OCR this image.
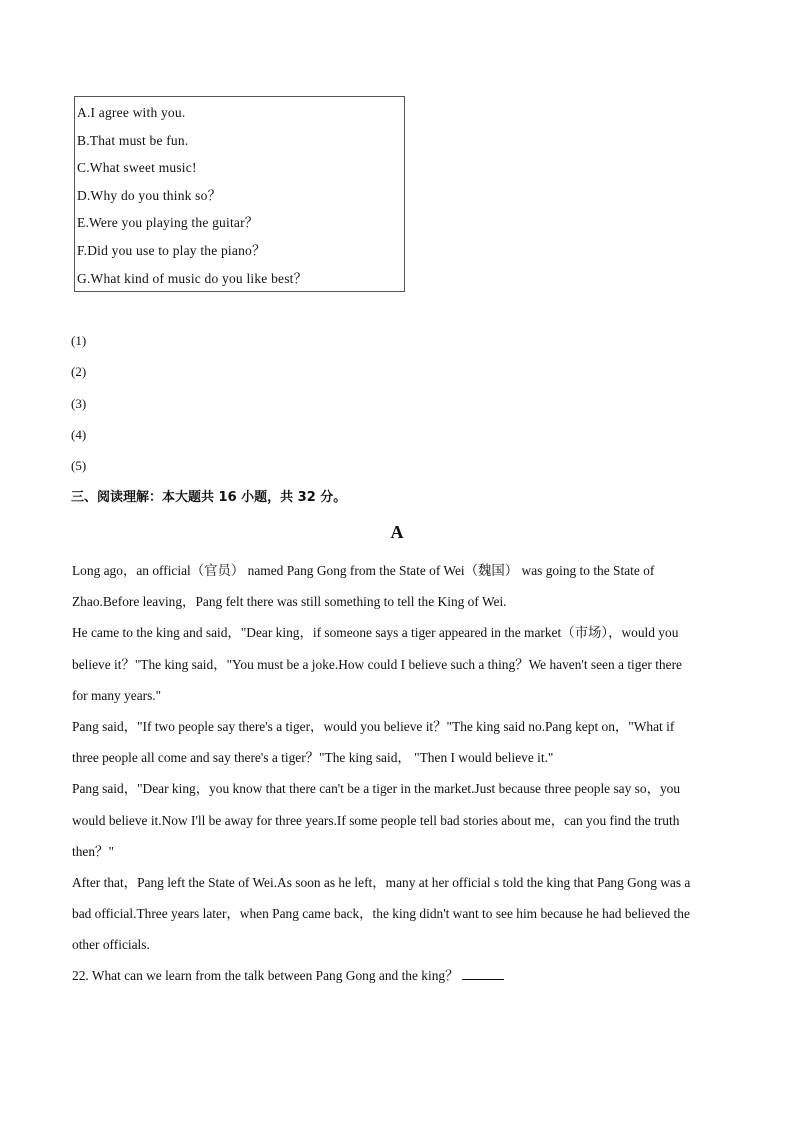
A.I agree with you.
B.That must be fun.
C.What sweet music!
D.Why do you think so？
E.Were you playing the guitar？
F.Did you use to play the piano？
G.What kind of music do you like best？
(1)
(2)
(3)
(4)
(5)
三、阅读理解：本大题共 16 小题，共 32 分。
A
Long ago，an official（官员） named Pang Gong from the State of Wei（魏国） was going to the State of
Zhao.Before leaving，Pang felt there was still something to tell the King of Wei.
He came to the king and said，"Dear king，if someone says a tiger appeared in the market（市场），would you
believe it？"The king said，"You must be a joke.How could I believe such a thing？We haven't seen a tiger there
for many years."
Pang said，"If two people say there's a tiger，would you believe it？"The king said no.Pang kept on，"What if
three people all come and say there's a tiger？"The king said， "Then I would believe it."
Pang said，"Dear king，you know that there can't be a tiger in the market.Just because three people say so，you
would believe it.Now I'll be away for three years.If some people tell bad stories about me，can you find the truth
then？"
After that，Pang left the State of Wei.As soon as he left，many at her official s told the king that Pang Gong was a
bad official.Three years later，when Pang came back，the king didn't want to see him because he had believed the
other officials.
22. What can we learn from the talk between Pang Gong and the king？
